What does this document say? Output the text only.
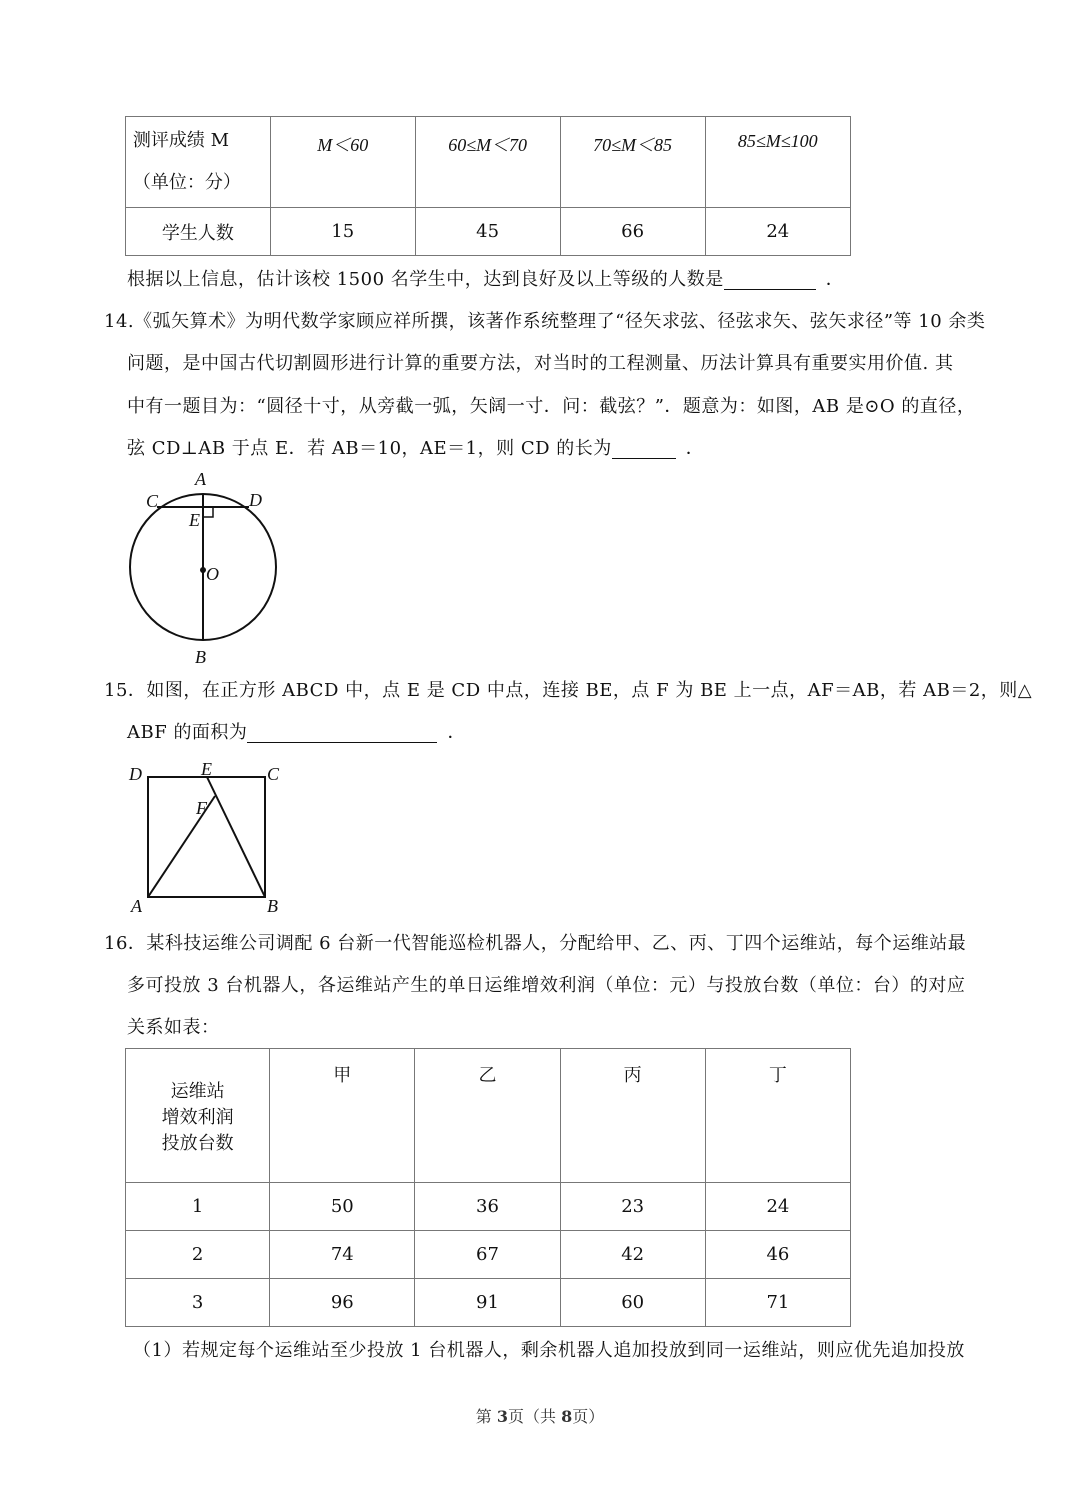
测评成绩 M（单位：分）	M＜60	60≤M＜70	70≤M＜85	85≤M≤100
学生人数	15	45	66	24
根据以上信息，估计该校 1500 名学生中，达到良好及以上等级的人数是	．
14.《弧矢算术》为明代数学家顾应祥所撰，该著作系统整理了“径矢求弦、径弦求矢、弦矢求径”等 10 余类
问题，是中国古代切割圆形进行计算的重要方法，对当时的工程测量、历法计算具有重要实用价值. 其
中有一题目为：“圆径十寸，从旁截一弧，矢阔一寸．问：截弦？”．题意为：如图，AB 是⊙O 的直径，
弦 CD⊥AB 于点 E．若 AB＝10，AE＝1，则 CD 的长为	．
A
C	D
E
O
B
15．如图，在正方形 ABCD 中，点 E 是 CD 中点，连接 BE，点 F 为 BE 上一点，AF＝AB，若 AB＝2，则△
ABF 的面积为	．
D	E	C
F
A	B
16．某科技运维公司调配 6 台新一代智能巡检机器人，分配给甲、乙、丙、丁四个运维站，每个运维站最
多可投放 3 台机器人，各运维站产生的单日运维增效利润（单位：元）与投放台数（单位：台）的对应
关系如表：
运维站
增效利润
投放台数	甲	乙	丙	丁
1	50	36	23	24
2	74	67	42	46
3	96	91	60	71
（1）若规定每个运维站至少投放 1 台机器人，剩余机器人追加投放到同一运维站，则应优先追加投放
第 3页（共 8页）
